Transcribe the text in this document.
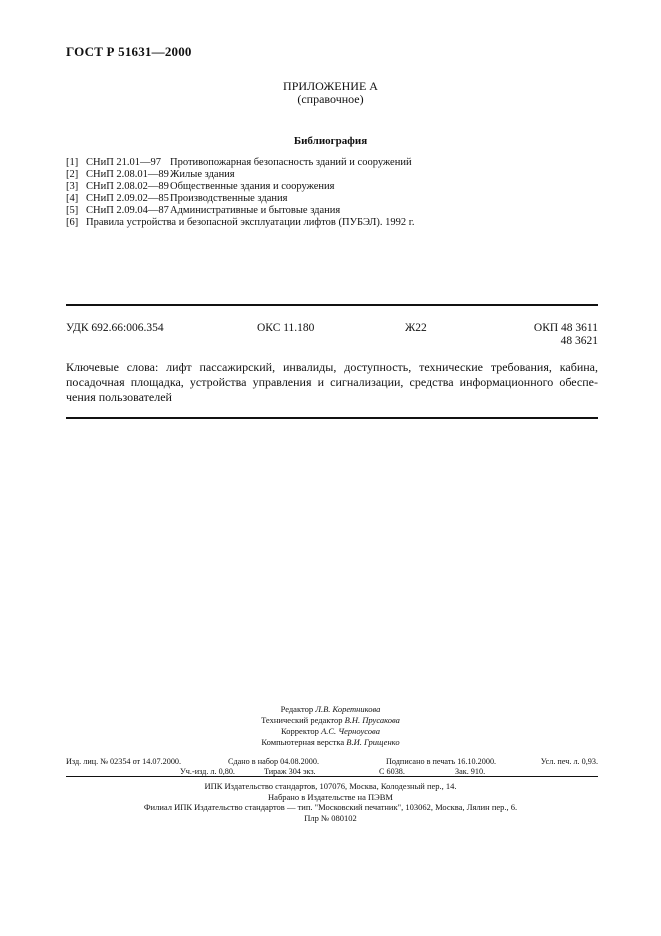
ГОСТ Р 51631—2000
ПРИЛОЖЕНИЕ А
(справочное)
Библиография
[1] СНиП 21.01—97 Противопожарная безопасность зданий и сооружений
[2] СНиП 2.08.01—89 Жилые здания
[3] СНиП 2.08.02—89 Общественные здания и сооружения
[4] СНиП 2.09.02—85 Производственные здания
[5] СНиП 2.09.04—87 Административные и бытовые здания
[6] Правила устройства и безопасной эксплуатации лифтов (ПУБЭЛ). 1992 г.
УДК 692.66:006.354	ОКС 11.180	Ж22	ОКП 48 3611
48 3621
Ключевые слова: лифт пассажирский, инвалиды, доступность, технические требования, кабина, посадочная площадка, устройства управления и сигнализации, средства информационного обеспе-чения пользователей
Редактор Л.В. Коретникова
Технический редактор В.Н. Прусакова
Корректор А.С. Черноусова
Компьютерная верстка В.И. Грищенко
Изд. лиц. № 02354 от 14.07.2000.	Сдано в набор 04.08.2000.	Подписано в печать 16.10.2000.	Усл. печ. л. 0,93.
Уч.-изд. л. 0,80.	Тираж 304 экз.	С 6038.	Зак. 910.
ИПК Издательство стандартов, 107076, Москва, Колодезный пер., 14.
Набрано в Издательстве на ПЭВМ
Филиал ИПК Издательство стандартов — тип. "Московский печатник", 103062, Москва, Лялин пер., 6.
Плр № 080102
